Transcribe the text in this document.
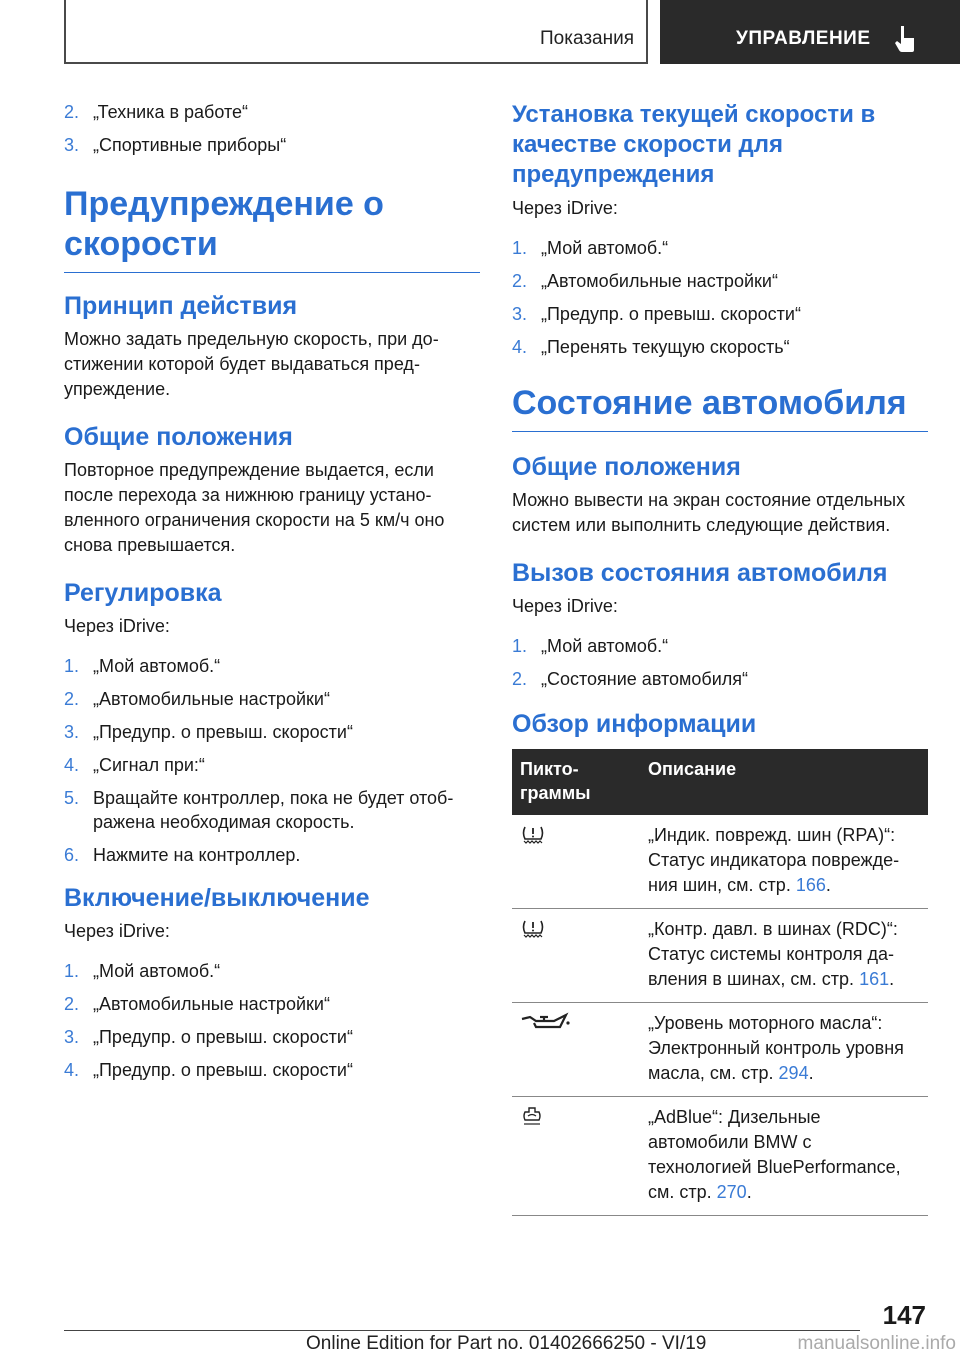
Показания	УПРАВЛЕНИЕ
2. „Техника в работе“
3. „Спортивные приборы“
Предупреждение о скорости
Принцип действия

Можно задать предельную скорость, при достижении которой будет выдаваться предупреждение.

Общие положения

Повторное предупреждение выдается, если после перехода за нижнюю границу установленного ограничения скорости на 5 км/ч оно снова превышается.

Регулировка

Через iDrive:

1. „Мой автомоб.“
2. „Автомобильные настройки“
3. „Предупр. о превыш. скорости“
4. „Сигнал при:“
5. Вращайте контроллер, пока не будет отображена необходимая скорость.
6. Нажмите на контроллер.
Включение/выключение

Через iDrive:

1. „Мой автомоб.“
2. „Автомобильные настройки“
3. „Предупр. о превыш. скорости“
4. „Предупр. о превыш. скорости“
Установка текущей скорости в качестве скорости для предупреждения

Через iDrive:

1. „Мой автомоб.“
2. „Автомобильные настройки“
3. „Предупр. о превыш. скорости“
4. „Перенять текущую скорость“
Состояние автомобиля
Общие положения

Можно вывести на экран состояние отдельных систем или выполнить следующие действия.

Вызов состояния автомобиля

Через iDrive:

1. „Мой автомоб.“
2. „Состояние автомобиля“
Обзор информации
Пиктограммы	Описание
	„Индик. поврежд. шин (RPA)“: Статус индикатора повреждения шин, см. стр. 166.
	„Контр. давл. в шинах (RDC)“: Статус системы контроля давления в шинах, см. стр. 161.
	„Уровень моторного масла“: Электронный контроль уровня масла, см. стр. 294.
	„AdBlue“: Дизельные автомобили BMW с технологией BluePerformance, см. стр. 270.
147
Online Edition for Part no. 01402666250 - VI/19	manualsonline.info
